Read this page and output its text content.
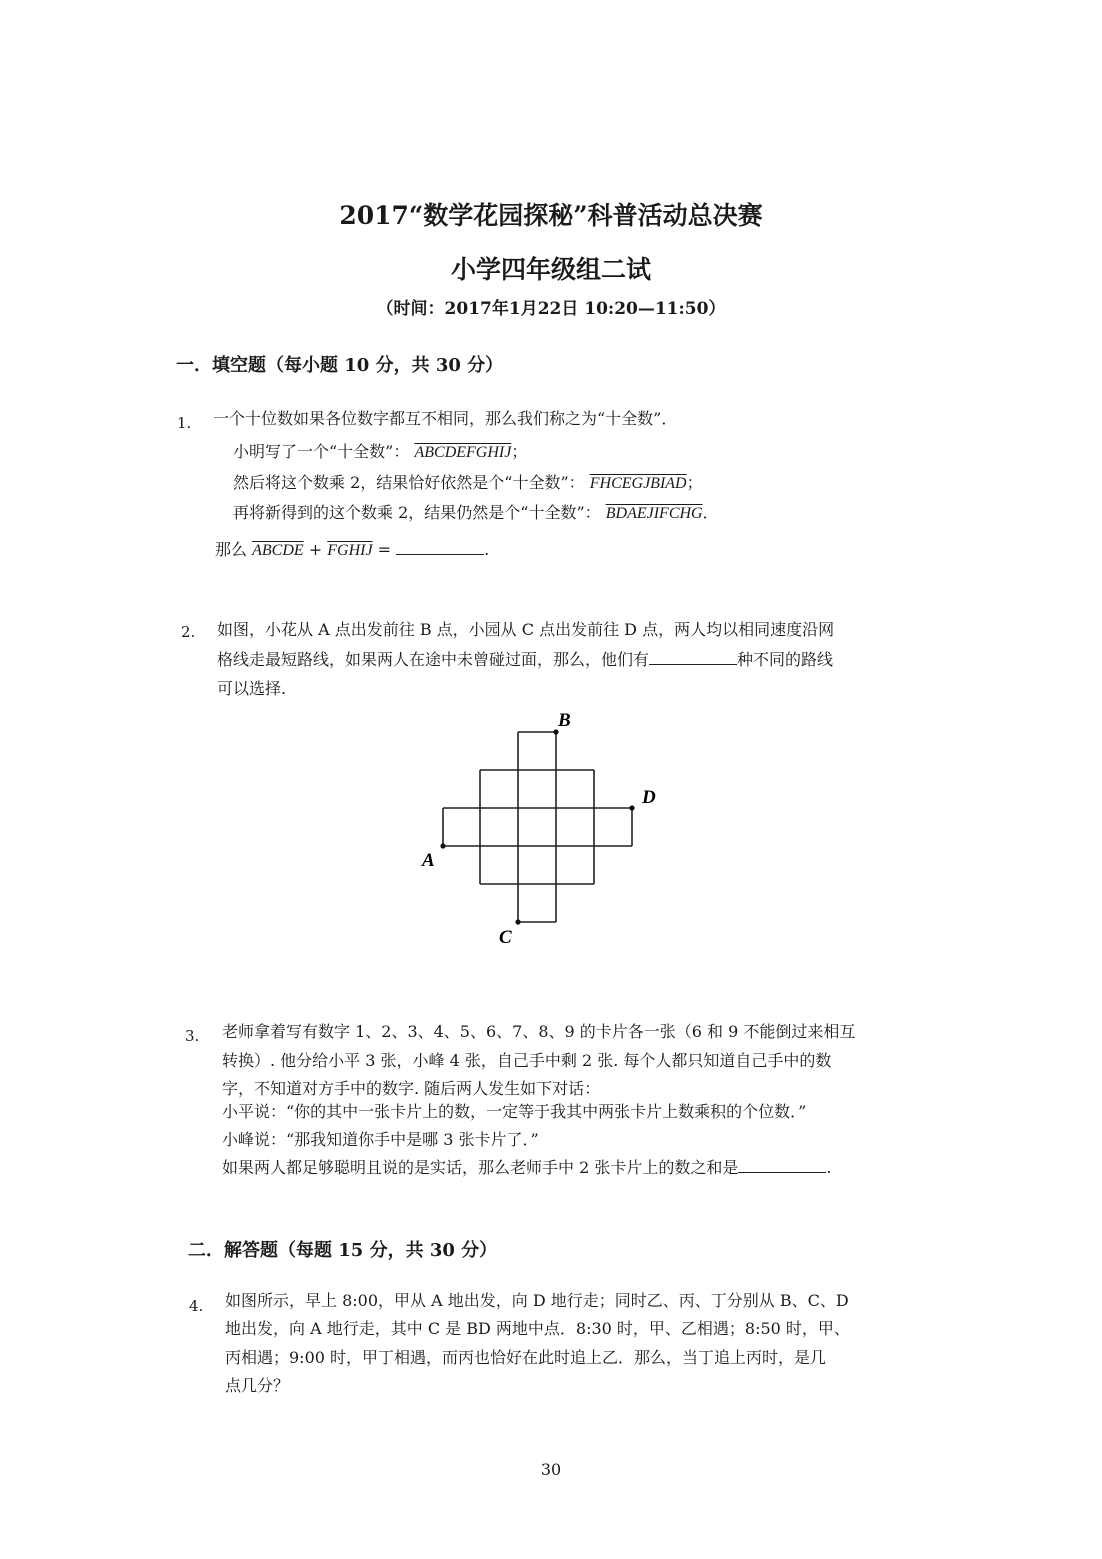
2017“数学花园探秘”科普活动总决赛
小学四年级组二试
（时间：2017年1月22日 10:20—11:50）
一．填空题（每小题 10 分，共 30 分）
1. 一个十位数如果各位数字都互不相同，那么我们称之为“十全数”．
小明写了一个“十全数”： ABCDEFGHIJ；
然后将这个数乘 2，结果恰好依然是个“十全数”： FHCEGJBIAD；
再将新得到的这个数乘 2，结果仍然是个“十全数”： BDAEJIFCHG．
那么 ABCDE + FGHIJ =	.
2. 如图，小花从 A 点出发前往 B 点，小园从 C 点出发前往 D 点，两人均以相同速度沿网
格线走最短路线，如果两人在途中未曾碰过面，那么，他们有	种不同的路线
可以选择.
A
B
C
D
3. 老师拿着写有数字 1、2、3、4、5、6、7、8、9 的卡片各一张（6 和 9 不能倒过来相互
转换）. 他分给小平 3 张，小峰 4 张，自己手中剩 2 张. 每个人都只知道自己手中的数
字，不知道对方手中的数字. 随后两人发生如下对话：
小平说：“你的其中一张卡片上的数，一定等于我其中两张卡片上数乘积的个位数．”
小峰说：“那我知道你手中是哪 3 张卡片了．”
如果两人都足够聪明且说的是实话，那么老师手中 2 张卡片上的数之和是	.
二．解答题（每题 15 分，共 30 分）
4. 如图所示，早上 8:00，甲从 A 地出发，向 D 地行走；同时乙、丙、丁分别从 B、C、D
地出发，向 A 地行走，其中 C 是 BD 两地中点．8:30 时，甲、乙相遇；8:50 时，甲、
丙相遇；9:00 时，甲丁相遇，而丙也恰好在此时追上乙．那么，当丁追上丙时，是几
点几分？
30
